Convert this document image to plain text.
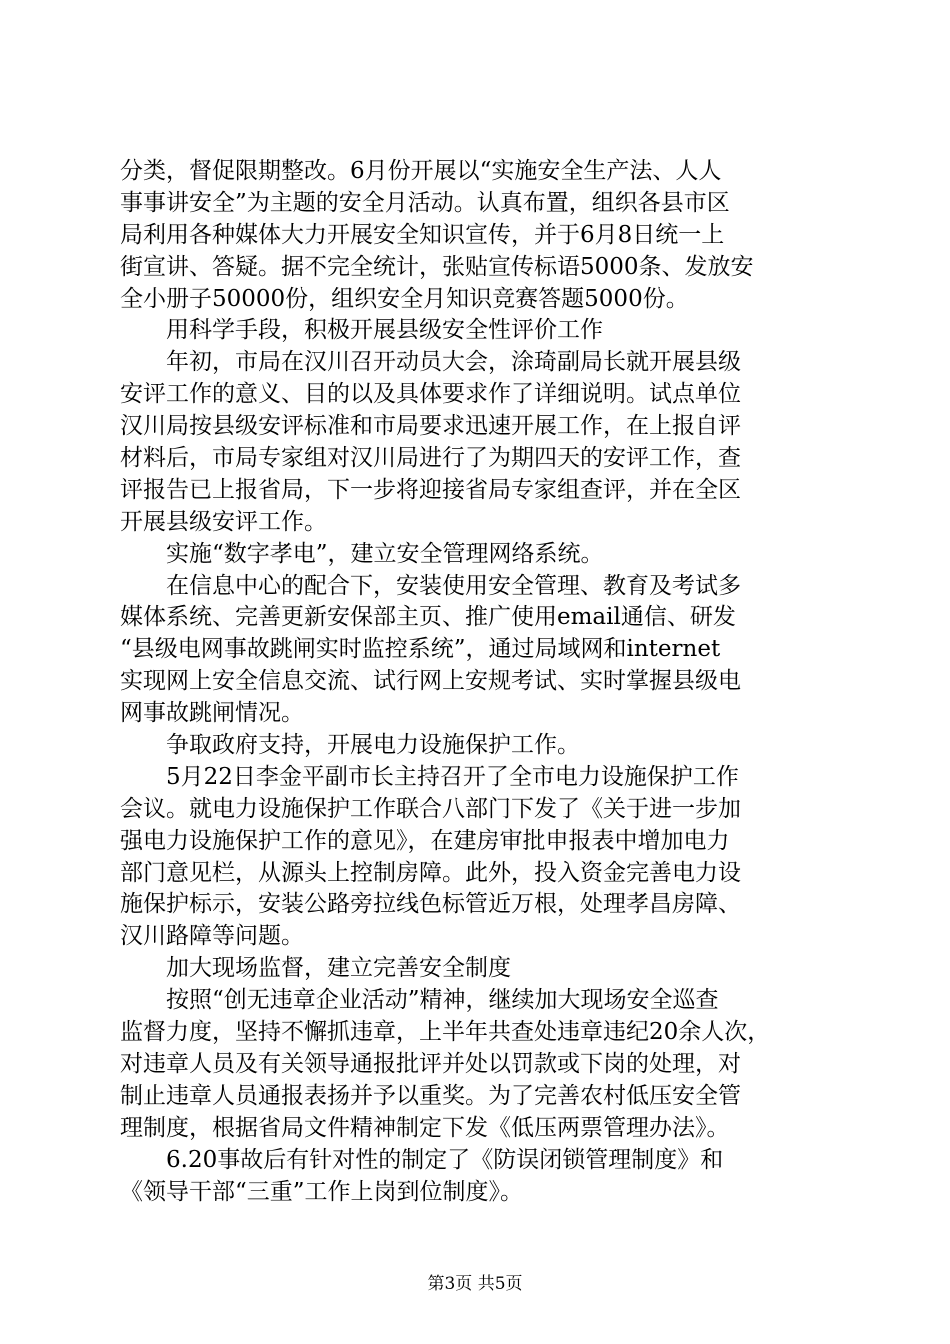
分类，督促限期整改。6月份开展以“实施安全生产法、人人
事事讲安全”为主题的安全月活动。认真布置，组织各县市区
局利用各种媒体大力开展安全知识宣传，并于6月8日统一上
街宣讲、答疑。据不完全统计，张贴宣传标语5000条、发放安
全小册子50000份，组织安全月知识竞赛答题5000份。
　　用科学手段，积极开展县级安全性评价工作
　　年初，市局在汉川召开动员大会，涂琦副局长就开展县级
安评工作的意义、目的以及具体要求作了详细说明。试点单位
汉川局按县级安评标准和市局要求迅速开展工作，在上报自评
材料后，市局专家组对汉川局进行了为期四天的安评工作，查
评报告已上报省局，下一步将迎接省局专家组查评，并在全区
开展县级安评工作。
　　实施“数字孝电”，建立安全管理网络系统。
　　在信息中心的配合下，安装使用安全管理、教育及考试多
媒体系统、完善更新安保部主页、推广使用email通信、研发
“县级电网事故跳闸实时监控系统”，通过局域网和internet
实现网上安全信息交流、试行网上安规考试、实时掌握县级电
网事故跳闸情况。
　　争取政府支持，开展电力设施保护工作。
　　5月22日李金平副市长主持召开了全市电力设施保护工作
会议。就电力设施保护工作联合八部门下发了《关于进一步加
强电力设施保护工作的意见》，在建房审批申报表中增加电力
部门意见栏，从源头上控制房障。此外，投入资金完善电力设
施保护标示，安装公路旁拉线色标管近万根，处理孝昌房障、
汉川路障等问题。
　　加大现场监督，建立完善安全制度
　　按照“创无违章企业活动”精神，继续加大现场安全巡查
监督力度，坚持不懈抓违章，上半年共查处违章违纪20余人次，
对违章人员及有关领导通报批评并处以罚款或下岗的处理，对
制止违章人员通报表扬并予以重奖。为了完善农村低压安全管
理制度，根据省局文件精神制定下发《低压两票管理办法》。
　　6.20事故后有针对性的制定了《防误闭锁管理制度》和
《领导干部“三重”工作上岗到位制度》。
第3页 共5页
